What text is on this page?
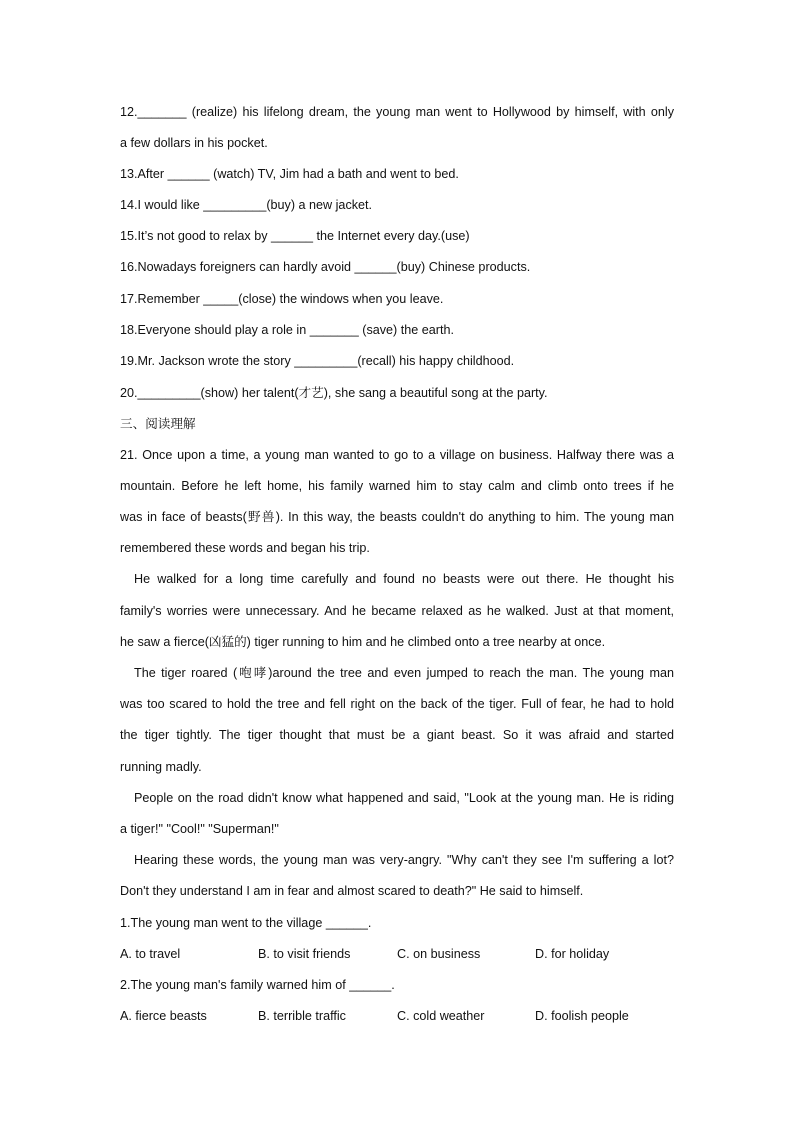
12._______ (realize) his lifelong dream, the young man went to Hollywood by himself, with only
a few dollars in his pocket.
13.After ______ (watch) TV, Jim had a bath and went to bed.
14.I would like _________(buy) a new jacket.
15.It’s not good to relax by ______ the Internet every day.(use)
16.Nowadays foreigners can hardly avoid ______(buy) Chinese products.
17.Remember _____(close) the windows when you leave.
18.Everyone should play a role in _______ (save) the earth.
19.Mr. Jackson wrote the story _________(recall) his happy childhood.
20._________(show) her talent(才艺), she sang a beautiful song at the party.
三、阅读理解
21. Once upon a time, a young man wanted to go to a village on business. Halfway there was a
mountain. Before he left home, his family warned him to stay calm and climb onto trees if he
was in face of beasts(野兽). In this way, the beasts couldn't do anything to him. The young man
remembered these words and began his trip.
He walked for a long time carefully and found no beasts were out there. He thought his
family's worries were unnecessary. And he became relaxed as he walked. Just at that moment,
he saw a fierce(凶猛的) tiger running to him and he climbed onto a tree nearby at once.
The tiger roared (咆哮)around the tree and even jumped to reach the man. The young man
was too scared to hold the tree and fell right on the back of the tiger. Full of fear, he had to hold
the tiger tightly. The tiger thought that must be a giant beast. So it was afraid and started
running madly.
People on the road didn't know what happened and said, "Look at the young man. He is riding
a tiger!" "Cool!" "Superman!"
Hearing these words, the young man was very-angry. "Why can't they see I'm suffering a lot?
Don't they understand I am in fear and almost scared to death?" He said to himself.
1.The young man went to the village ______.
A. to travel	B. to visit friends	C. on business	D. for holiday
2.The young man's family warned him of ______.
A. fierce beasts	B. terrible traffic	C. cold weather	D. foolish people
